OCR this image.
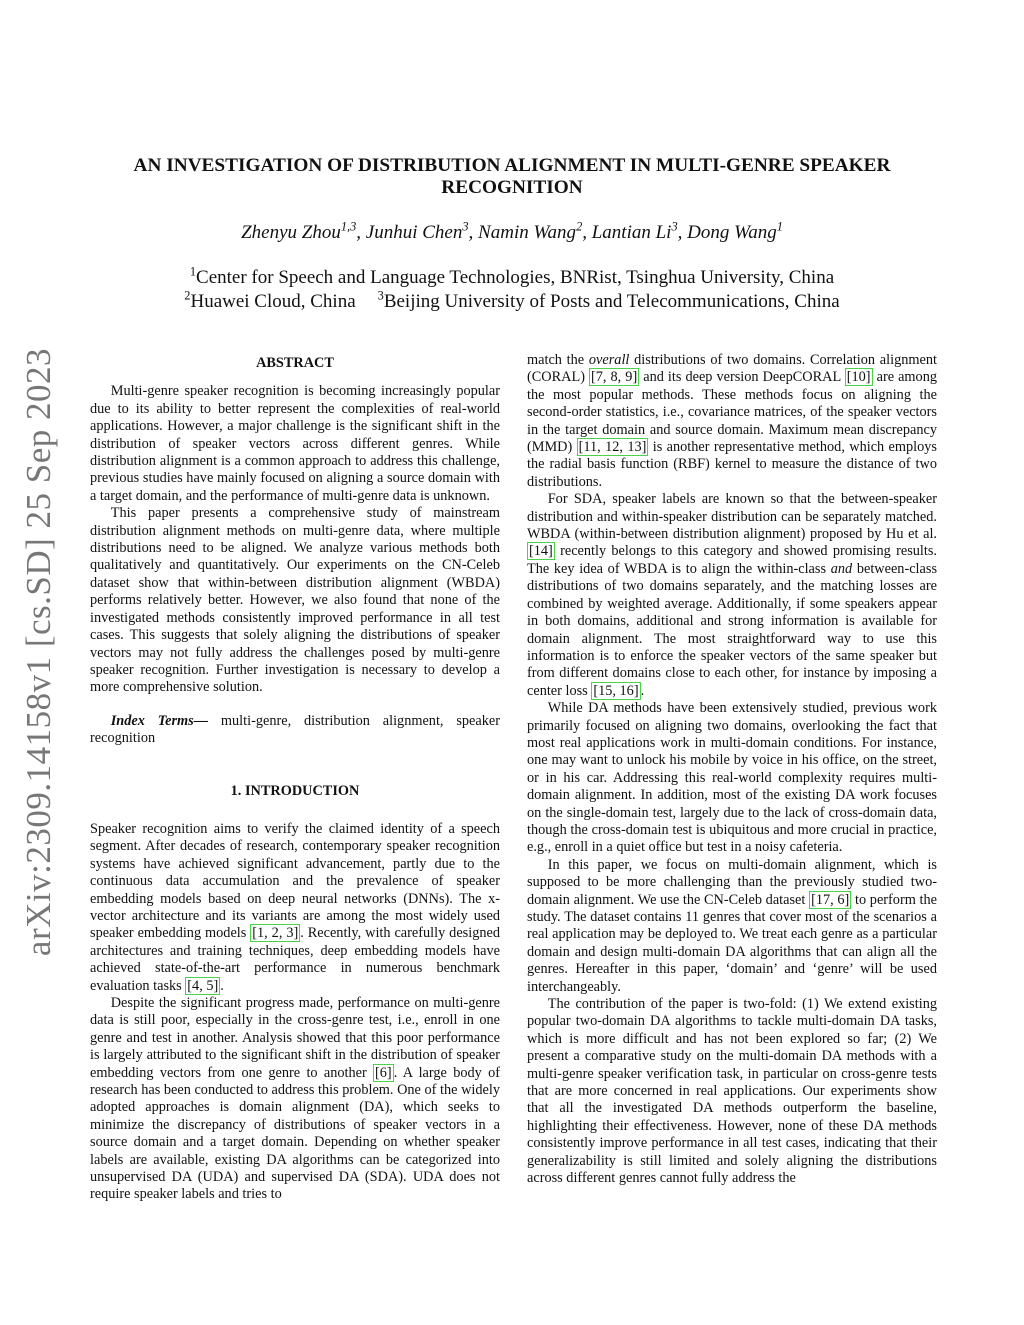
arXiv:2309.14158v1 [cs.SD] 25 Sep 2023
AN INVESTIGATION OF DISTRIBUTION ALIGNMENT IN MULTI-GENRE SPEAKER
RECOGNITION
Zhenyu Zhou$^{1,3}$, Junhui Chen$^3$, Namin Wang$^2$, Lantian Li$^3$, Dong Wang$^1$
$^1$Center for Speech and Language Technologies, BNRist, Tsinghua University, China
$^2$Huawei Cloud, China $^3$Beijing University of Posts and Telecommunications, China
ABSTRACT

Multi-genre speaker recognition is becoming increasingly popular due to its ability to better represent the complexities of real-world applications. However, a major challenge is the significant shift in the distribution of speaker vectors across different genres. While distribution alignment is a common approach to address this challenge, previous studies have mainly focused on aligning a source domain with a target domain, and the performance of multi-genre data is unknown.

This paper presents a comprehensive study of mainstream distribution alignment methods on multi-genre data, where multiple distributions need to be aligned. We analyze various methods both qualitatively and quantitatively. Our experiments on the CN-Celeb dataset show that within-between distribution alignment (WBDA) performs relatively better. However, we also found that none of the investigated methods consistently improved performance in all test cases. This suggests that solely aligning the distributions of speaker vectors may not fully address the challenges posed by multi-genre speaker recognition. Further investigation is necessary to develop a more comprehensive solution.

Index Terms— multi-genre, distribution alignment, speaker recognition

1. INTRODUCTION

Speaker recognition aims to verify the claimed identity of a speech segment. After decades of research, contemporary speaker recognition systems have achieved significant advancement, partly due to the continuous data accumulation and the prevalence of speaker embedding models based on deep neural networks (DNNs). The x-vector architecture and its variants are among the most widely used speaker embedding models [1, 2, 3] . Recently, with carefully designed architectures and training techniques, deep embedding models have achieved state-of-the-art performance in numerous benchmark evaluation tasks [4, 5] .

Despite the significant progress made, performance on multi-genre data is still poor, especially in the cross-genre test, i.e., enroll in one genre and test in another. Analysis showed that this poor performance is largely attributed to the significant shift in the distribution of speaker embedding vectors from one genre to another [6] . A large body of research has been conducted to address this problem. One of the widely adopted approaches is domain alignment (DA), which seeks to minimize the discrepancy of distributions of speaker vectors in a source domain and a target domain. Depending on whether speaker labels are available, existing DA algorithms can be categorized into unsupervised DA (UDA) and supervised DA (SDA). UDA does not require speaker labels and tries to

match the overall distributions of two domains. Correlation alignment (CORAL) [7, 8, 9] and its deep version DeepCORAL [10] are among the most popular methods. These methods focus on aligning the second-order statistics, i.e., covariance matrices, of the speaker vectors in the target domain and source domain. Maximum mean discrepancy (MMD) [11, 12, 13] is another representative method, which employs the radial basis function (RBF) kernel to measure the distance of two distributions.

For SDA, speaker labels are known so that the between-speaker distribution and within-speaker distribution can be separately matched. WBDA (within-between distribution alignment) proposed by Hu et al. [14] recently belongs to this category and showed promising results. The key idea of WBDA is to align the within-class and between-class distributions of two domains separately, and the matching losses are combined by weighted average. Additionally, if some speakers appear in both domains, additional and strong information is available for domain alignment. The most straightforward way to use this information is to enforce the speaker vectors of the same speaker but from different domains close to each other, for instance by imposing a center loss [15, 16] .

While DA methods have been extensively studied, previous work primarily focused on aligning two domains, overlooking the fact that most real applications work in multi-domain conditions. For instance, one may want to unlock his mobile by voice in his office, on the street, or in his car. Addressing this real-world complexity requires multi-domain alignment. In addition, most of the existing DA work focuses on the single-domain test, largely due to the lack of cross-domain data, though the cross-domain test is ubiquitous and more crucial in practice, e.g., enroll in a quiet office but test in a noisy cafeteria.

In this paper, we focus on multi-domain alignment, which is supposed to be more challenging than the previously studied two-domain alignment. We use the CN-Celeb dataset [17, 6] to perform the study. The dataset contains 11 genres that cover most of the scenarios a real application may be deployed to. We treat each genre as a particular domain and design multi-domain DA algorithms that can align all the genres. Hereafter in this paper, ‘domain’ and ‘genre’ will be used interchangeably.

The contribution of the paper is two-fold: (1) We extend existing popular two-domain DA algorithms to tackle multi-domain DA tasks, which is more difficult and has not been explored so far; (2) We present a comparative study on the multi-domain DA methods with a multi-genre speaker verification task, in particular on cross-genre tests that are more concerned in real applications. Our experiments show that all the investigated DA methods outperform the baseline, highlighting their effectiveness. However, none of these DA methods consistently improve performance in all test cases, indicating that their generalizability is still limited and solely aligning the distributions across different genres cannot fully address the
